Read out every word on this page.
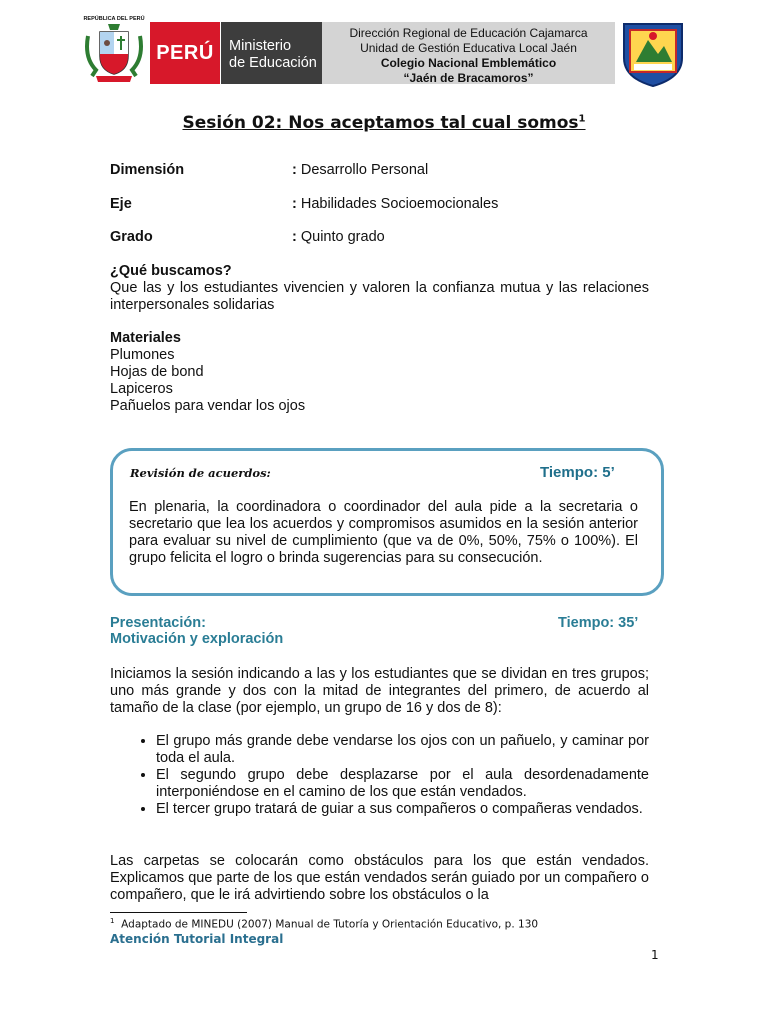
REPÚBLICA DEL PERÚ
PERÚ	Ministerio
de Educación
Dirección Regional de Educación Cajamarca
Unidad de Gestión Educativa Local Jaén
Colegio Nacional Emblemático
“Jaén de Bracamoros”
Sesión 02: Nos aceptamos tal cual somos$^1$
Dimensión	: Desarrollo Personal
Eje	: Habilidades Socioemocionales
Grado	: Quinto grado
¿Qué buscamos?
Que las y los estudiantes vivencien y valoren la confianza mutua y las relaciones interpersonales solidarias
Materiales
Plumones
Hojas de bond
Lapiceros
Pañuelos para vendar los ojos
Revisión de acuerdos:	Tiempo: 5’
En plenaria, la coordinadora o coordinador del aula pide a la secretaria o secretario que lea los acuerdos y compromisos asumidos en la sesión anterior para evaluar su nivel de cumplimiento (que va de 0%, 50%, 75% o 100%). El grupo felicita el logro o brinda sugerencias para su consecución.
Presentación:	Tiempo: 35’
Motivación y exploración
Iniciamos la sesión indicando a las y los estudiantes que se dividan en tres grupos; uno más grande y dos con la mitad de integrantes del primero, de acuerdo al tamaño de la clase (por ejemplo, un grupo de 16 y dos de 8):
• El grupo más grande debe vendarse los ojos con un pañuelo, y caminar por toda el aula.
• El segundo grupo debe desplazarse por el aula desordenadamente interponiéndose en el camino de los que están vendados.
• El tercer grupo tratará de guiar a sus compañeros o compañeras vendados.
Las carpetas se colocarán como obstáculos para los que están vendados. Explicamos que parte de los que están vendados serán guiado por un compañero o compañero, que le irá advirtiendo sobre los obstáculos o la
$^1$ Adaptado de MINEDU (2007) Manual de Tutoría y Orientación Educativo, p. 130
Atención Tutorial Integral
1
